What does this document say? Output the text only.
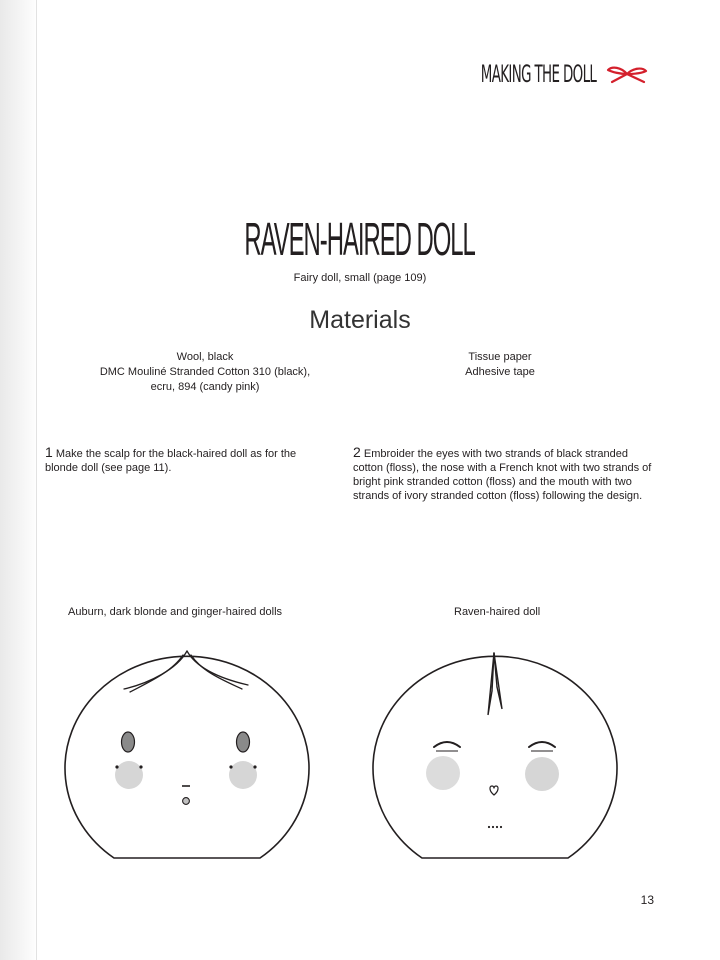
MAKING THE DOLL
RAVEN-HAIRED DOLL
Fairy doll, small (page 109)
Materials
Wool, black
DMC Mouliné Stranded Cotton 310 (black),
ecru, 894 (candy pink)
Tissue paper
Adhesive tape
1 Make the scalp for the black-haired doll as for the blonde doll (see page 11).
2 Embroider the eyes with two strands of black stranded cotton (floss), the nose with a French knot with two strands of bright pink stranded cotton (floss) and the mouth with two strands of ivory stranded cotton (floss) following the design.
Auburn, dark blonde and ginger-haired dolls	Raven-haired doll
13
